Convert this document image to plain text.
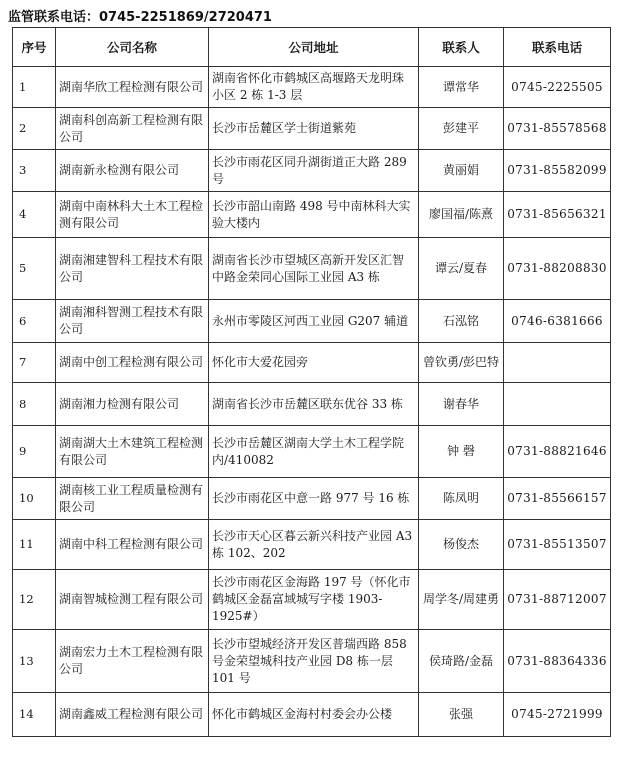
监管联系电话：0745-2251869/2720471
序号	公司名称	公司地址	联系人	联系电话
1	湖南华欣工程检测有限公司	湖南省怀化市鹤城区高堰路天龙明珠小区 2 栋 1-3 层	谭常华	0745-2225505
2	湖南科创高新工程检测有限公司	长沙市岳麓区学士街道紫苑	彭建平	0731-85578568
3	湖南新永检测有限公司	长沙市雨花区同升湖街道正大路 289 号	黄丽娟	0731-85582099
4	湖南中南林科大土木工程检测有限公司	长沙市韶山南路 498 号中南林科大实验大楼内	廖国福/陈熹	0731-85656321
5	湖南湘建智科工程技术有限公司	湖南省长沙市望城区高新开发区汇智中路金荣同心国际工业园 A3 栋	谭云/夏春	0731-88208830
6	湖南湘科智测工程技术有限公司	永州市零陵区河西工业园 G207 辅道	石泓铭	0746-6381666
7	湖南中创工程检测有限公司	怀化市大爱花园旁	曾钦勇/彭巴特	
8	湖南湘力检测有限公司	湖南省长沙市岳麓区联东优谷 33 栋	谢春华	
9	湖南湖大土木建筑工程检测有限公司	长沙市岳麓区湖南大学土木工程学院内/410082	钟 磬	0731-88821646
10	湖南核工业工程质量检测有限公司	长沙市雨花区中意一路 977 号 16 栋	陈凤明	0731-85566157
11	湖南中科工程检测有限公司	长沙市天心区暮云新兴科技产业园 A3 栋 102、202	杨俊杰	0731-85513507
12	湖南智城检测工程有限公司	长沙市雨花区金海路 197 号（怀化市鹤城区金磊富域城写字楼 1903-1925#）	周学冬/周建勇	0731-88712007
13	湖南宏力土木工程检测有限公司	长沙市望城经济开发区普瑞西路 858 号金荣望城科技产业园 D8 栋一层 101 号	侯琦路/金磊	0731-88364336
14	湖南鑫威工程检测有限公司	怀化市鹤城区金海村村委会办公楼	张强	0745-2721999
